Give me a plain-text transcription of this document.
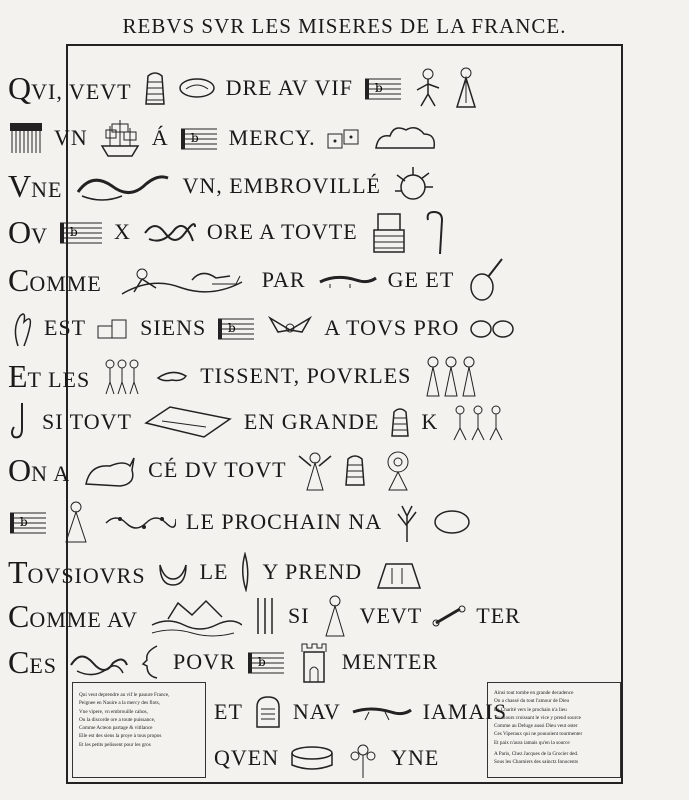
REBVS SVR LES MISERES DE LA FRANCE.
QVI, VEVT	DRE AV VIF b
VN	Á b MERCY.
VNE	VN, EMBROVILLÉ
OV b X	ORE A TOVTE
COMME	PAR	GE ET
EST SIENS b	A TOVS PRO
ET LES	TISSENT, POVRLES
SI TOVT	EN GRANDE K
ON A	CÉ DV TOVT
b	LE PROCHAIN NA
TOVSIOVRS LE Y PREND
COMME AV	SI VEVT TER
CES	POVR b	MENTER
Qui veut deprendre au vif le pauure France,
Peignee en Nauire a la mercy des flots,
Vne vipere, vn embrouille cahos,
Ou la discorde ore a toute puissance,
Comme Acteon partage & vitllance
Elle est des siens la proye à tous propos
Et les petits pelissent pour les gros
ET NAV	IAMAIS
QVEN	YNE
Ainsi tout tombe en grande decadence
On a chassé du tout l'amour de Dieu
La Charité vers le prochain n'a lieu
Tousiours croissant le vice y prend source
Comme au Deluge aussi Dieu veut oster
Ces Viperaux qui ne pouuoient tourmenter
Et paix n'aura iamais qu'en la source
A Paris, Chez Jacques de la Grocier ded.
Sous les Charniers des sainctz Innocents
